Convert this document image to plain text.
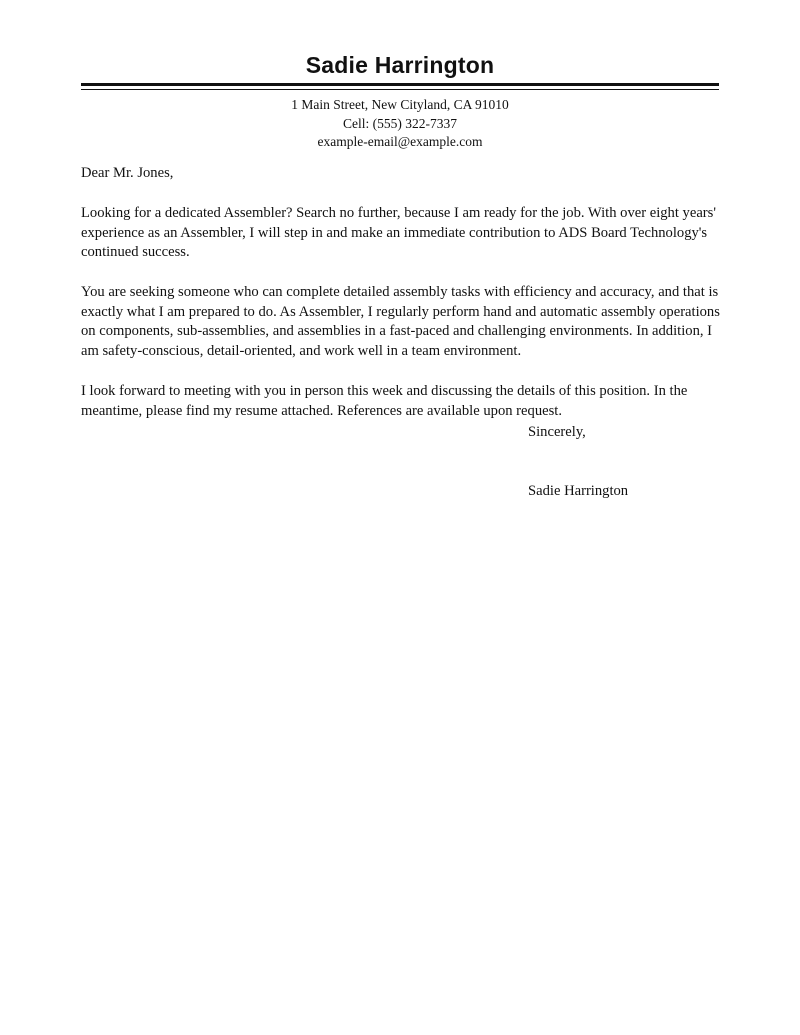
Sadie Harrington
1 Main Street, New Cityland, CA 91010
Cell: (555) 322-7337
example-email@example.com

Dear Mr. Jones,

Looking for a dedicated Assembler? Search no further, because I am ready for the job. With over eight years' experience as an Assembler, I will step in and make an immediate contribution to ADS Board Technology's continued success.

You are seeking someone who can complete detailed assembly tasks with efficiency and accuracy, and that is exactly what I am prepared to do. As Assembler, I regularly perform hand and automatic assembly operations on components, sub-assemblies, and assemblies in a fast-paced and challenging environments. In addition, I am safety-conscious, detail-oriented, and work well in a team environment.

I look forward to meeting with you in person this week and discussing the details of this position. In the meantime, please find my resume attached. References are available upon request.

Sincerely,

Sadie Harrington
